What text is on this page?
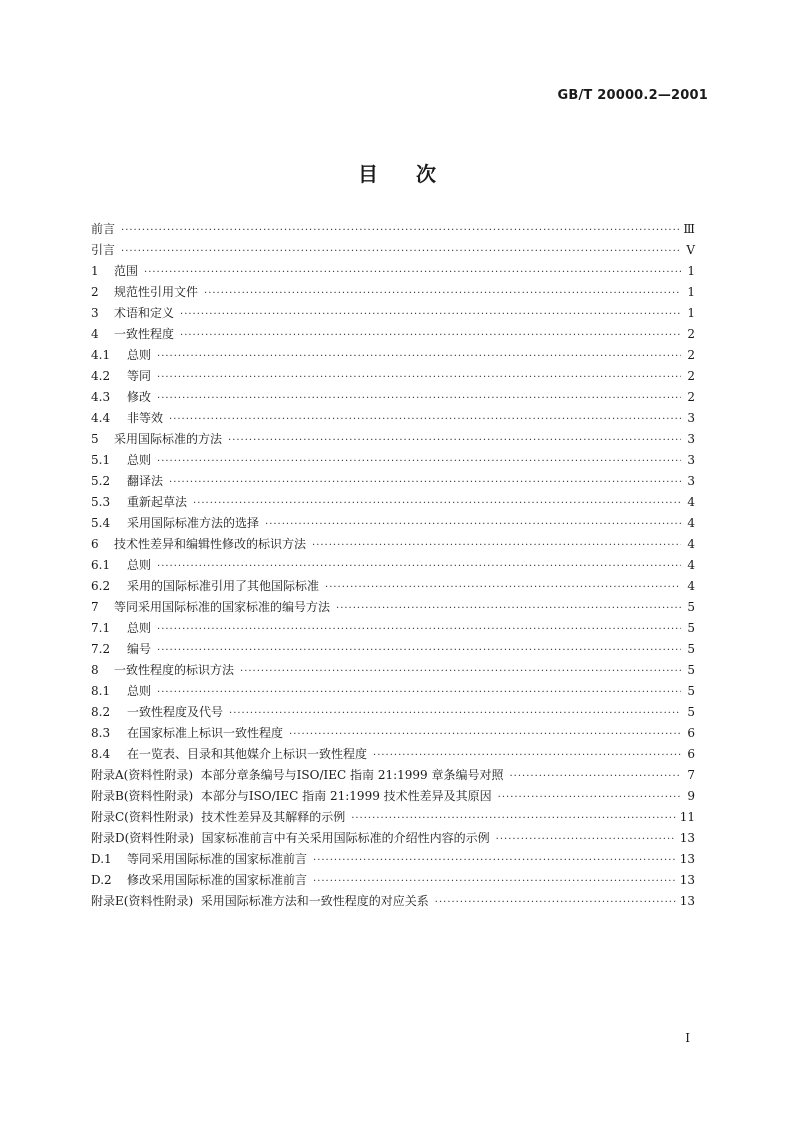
GB/T 20000.2—2001
目次
前言 ·····	Ⅲ
引言 ·····	Ⅴ
1 范围 ·····	1
2 规范性引用文件 ·····	1
3 术语和定义 ·····	1
4 一致性程度 ·····	2
4.1 总则 ·····	2
4.2 等同 ·····	2
4.3 修改 ·····	2
4.4 非等效 ·····	3
5 采用国际标准的方法 ·····	3
5.1 总则 ·····	3
5.2 翻译法 ·····	3
5.3 重新起草法 ·····	4
5.4 采用国际标准方法的选择 ·····	4
6 技术性差异和编辑性修改的标识方法 ·····	4
6.1 总则 ·····	4
6.2 采用的国际标准引用了其他国际标准 ·····	4
7 等同采用国际标准的国家标准的编号方法 ·····	5
7.1 总则 ·····	5
7.2 编号 ·····	5
8 一致性程度的标识方法 ·····	5
8.1 总则 ·····	5
8.2 一致性程度及代号 ·····	5
8.3 在国家标准上标识一致性程度 ·····	6
8.4 在一览表、目录和其他媒介上标识一致性程度 ·····	6
附录A(资料性附录) 本部分章条编号与ISO/IEC 指南 21:1999 章条编号对照 ·····	7
附录B(资料性附录) 本部分与ISO/IEC 指南 21:1999 技术性差异及其原因 ·····	9
附录C(资料性附录) 技术性差异及其解释的示例 ·····	11
附录D(资料性附录) 国家标准前言中有关采用国际标准的介绍性内容的示例 ·····	13
D.1 等同采用国际标准的国家标准前言 ·····	13
D.2 修改采用国际标准的国家标准前言 ·····	13
附录E(资料性附录) 采用国际标准方法和一致性程度的对应关系 ·····	13
Ⅰ
